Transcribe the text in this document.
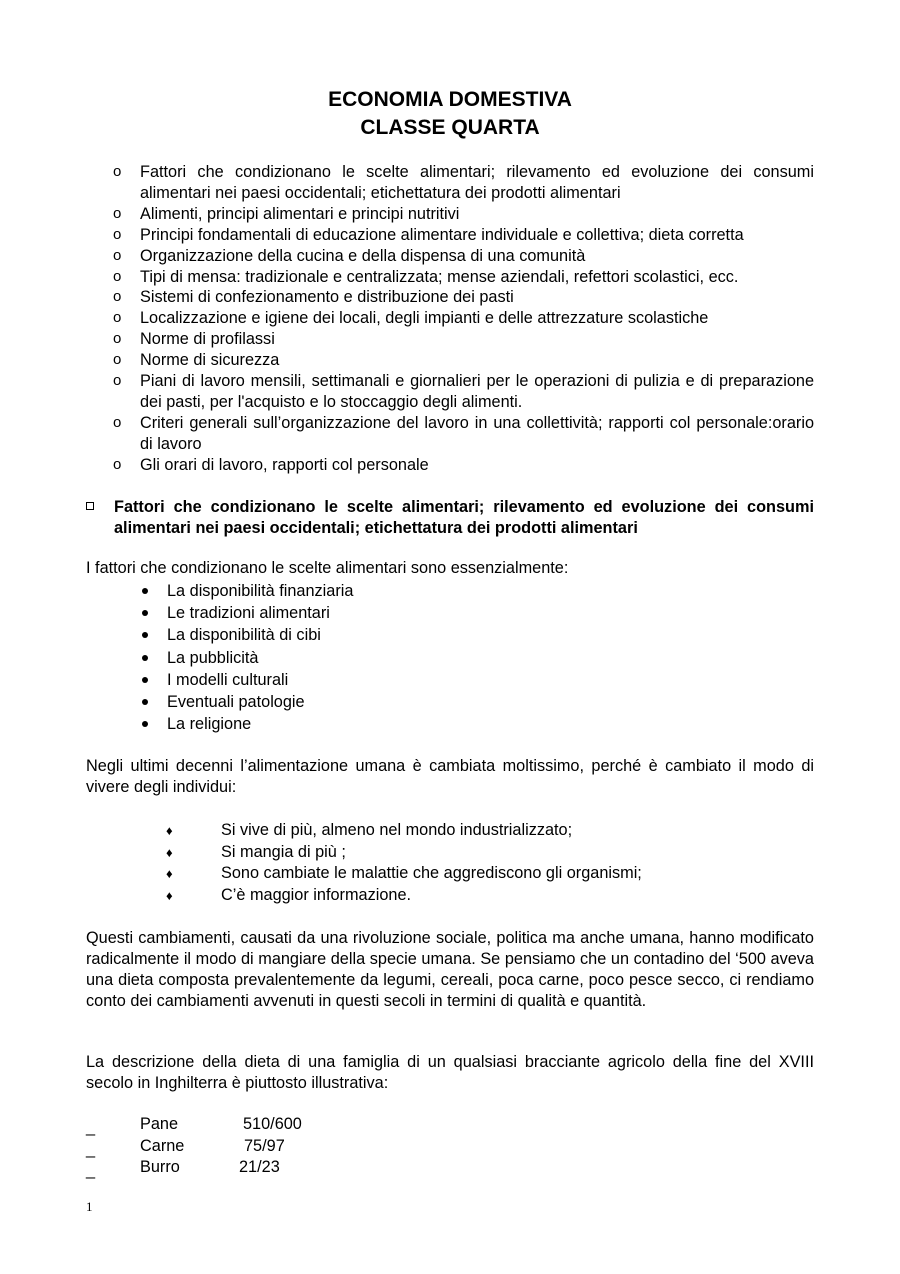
ECONOMIA DOMESTIVA
CLASSE QUARTA
o Fattori che condizionano le scelte alimentari; rilevamento ed evoluzione dei consumi alimentari nei paesi occidentali; etichettatura dei prodotti alimentari
o Alimenti, principi alimentari e principi nutritivi
o Principi fondamentali di educazione alimentare individuale e collettiva; dieta corretta
o Organizzazione della cucina e della dispensa di una comunità
o Tipi di mensa: tradizionale e centralizzata; mense aziendali, refettori scolastici, ecc.
o Sistemi di confezionamento e distribuzione dei pasti
o Localizzazione e igiene dei locali, degli impianti e delle attrezzature scolastiche
o Norme di profilassi
o Norme di sicurezza
o Piani di lavoro mensili, settimanali e giornalieri per le operazioni di pulizia e di preparazione dei pasti, per l'acquisto e lo stoccaggio degli alimenti.
o Criteri generali sull’organizzazione del lavoro in una collettività; rapporti col personale:orario di lavoro
o Gli orari di lavoro, rapporti col personale
Fattori che condizionano le scelte alimentari; rilevamento ed evoluzione dei consumi alimentari nei paesi occidentali; etichettatura dei prodotti alimentari

I fattori che condizionano le scelte alimentari sono essenzialmente:

La disponibilità finanziaria
Le tradizioni alimentari
La disponibilità di cibi
La pubblicità
I modelli culturali
Eventuali patologie
La religione

Negli ultimi decenni l’alimentazione umana è cambiata moltissimo, perché è cambiato il modo di vivere degli individui:

♦	Si vive di più, almeno nel mondo industrializzato;
♦	Si mangia di più ;
♦	Sono cambiate le malattie che aggrediscono gli organismi;
♦	C’è maggior informazione.

Questi cambiamenti, causati da una rivoluzione sociale, politica ma anche umana, hanno modificato radicalmente il modo di mangiare della specie umana. Se pensiamo che un contadino del ‘500 aveva una dieta composta prevalentemente da legumi, cereali, poca carne, poco pesce secco, ci rendiamo conto dei cambiamenti avvenuti in questi secoli in termini di qualità e quantità.

La descrizione della dieta di una famiglia di un qualsiasi bracciante agricolo della fine del XVIII secolo in Inghilterra è piuttosto illustrativa:

_	Pane	510/600
_	Carne	75/97
_	Burro	21/23
1
